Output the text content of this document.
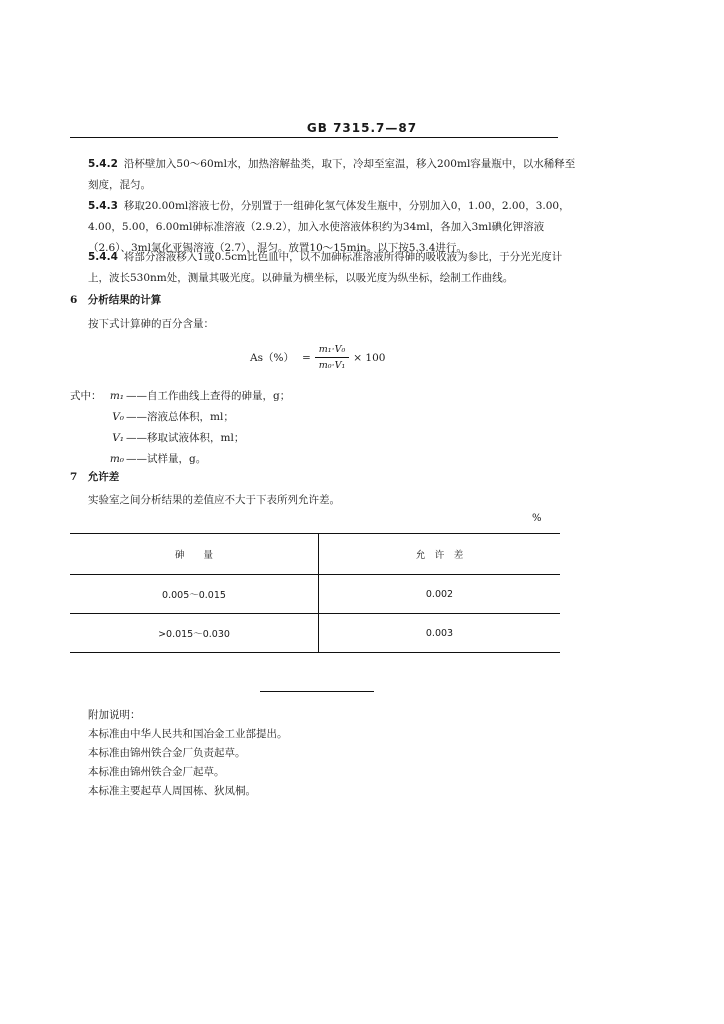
GB 7315.7—87
5.4.2 沿杯壁加入50～60ml水，加热溶解盐类，取下，冷却至室温，移入200ml容量瓶中，以水稀释至刻度，混匀。
5.4.3 移取20.00ml溶液七份，分别置于一组砷化氢气体发生瓶中，分别加入0，1.00，2.00，3.00，4.00，5.00，6.00ml砷标准溶液（2.9.2），加入水使溶液体积约为34ml，各加入3ml碘化钾溶液（2.6）、3ml氯化亚锡溶液（2.7），混匀。放置10～15min。以下按5.3.4进行。
5.4.4 将部分溶液移入1或0.5cm比色皿中，以不加砷标准溶液所得砷的吸收液为参比，于分光光度计上，波长530nm处，测量其吸光度。以砷量为横坐标，以吸光度为纵坐标，绘制工作曲线。
6　分析结果的计算
按下式计算砷的百分含量：
$As(\%) = \frac{\text{m₁·V₀}}{\text{m₀·V₁}} \times 100$
式中： m₁ ——自工作曲线上查得的砷量，g；
V₀ ——溶液总体积，ml；
V₁ ——移取试液体积，ml；
m₀ ——试样量，g。
7　允许差
实验室之间分析结果的差值应不大于下表所列允许差。
%
砷　　量	允　许　差
0.005～0.015	0.002
>0.015～0.030	0.003
附加说明：
本标准由中华人民共和国冶金工业部提出。
本标准由锦州铁合金厂负责起草。
本标准由锦州铁合金厂起草。
本标准主要起草人周国栋、狄凤桐。
